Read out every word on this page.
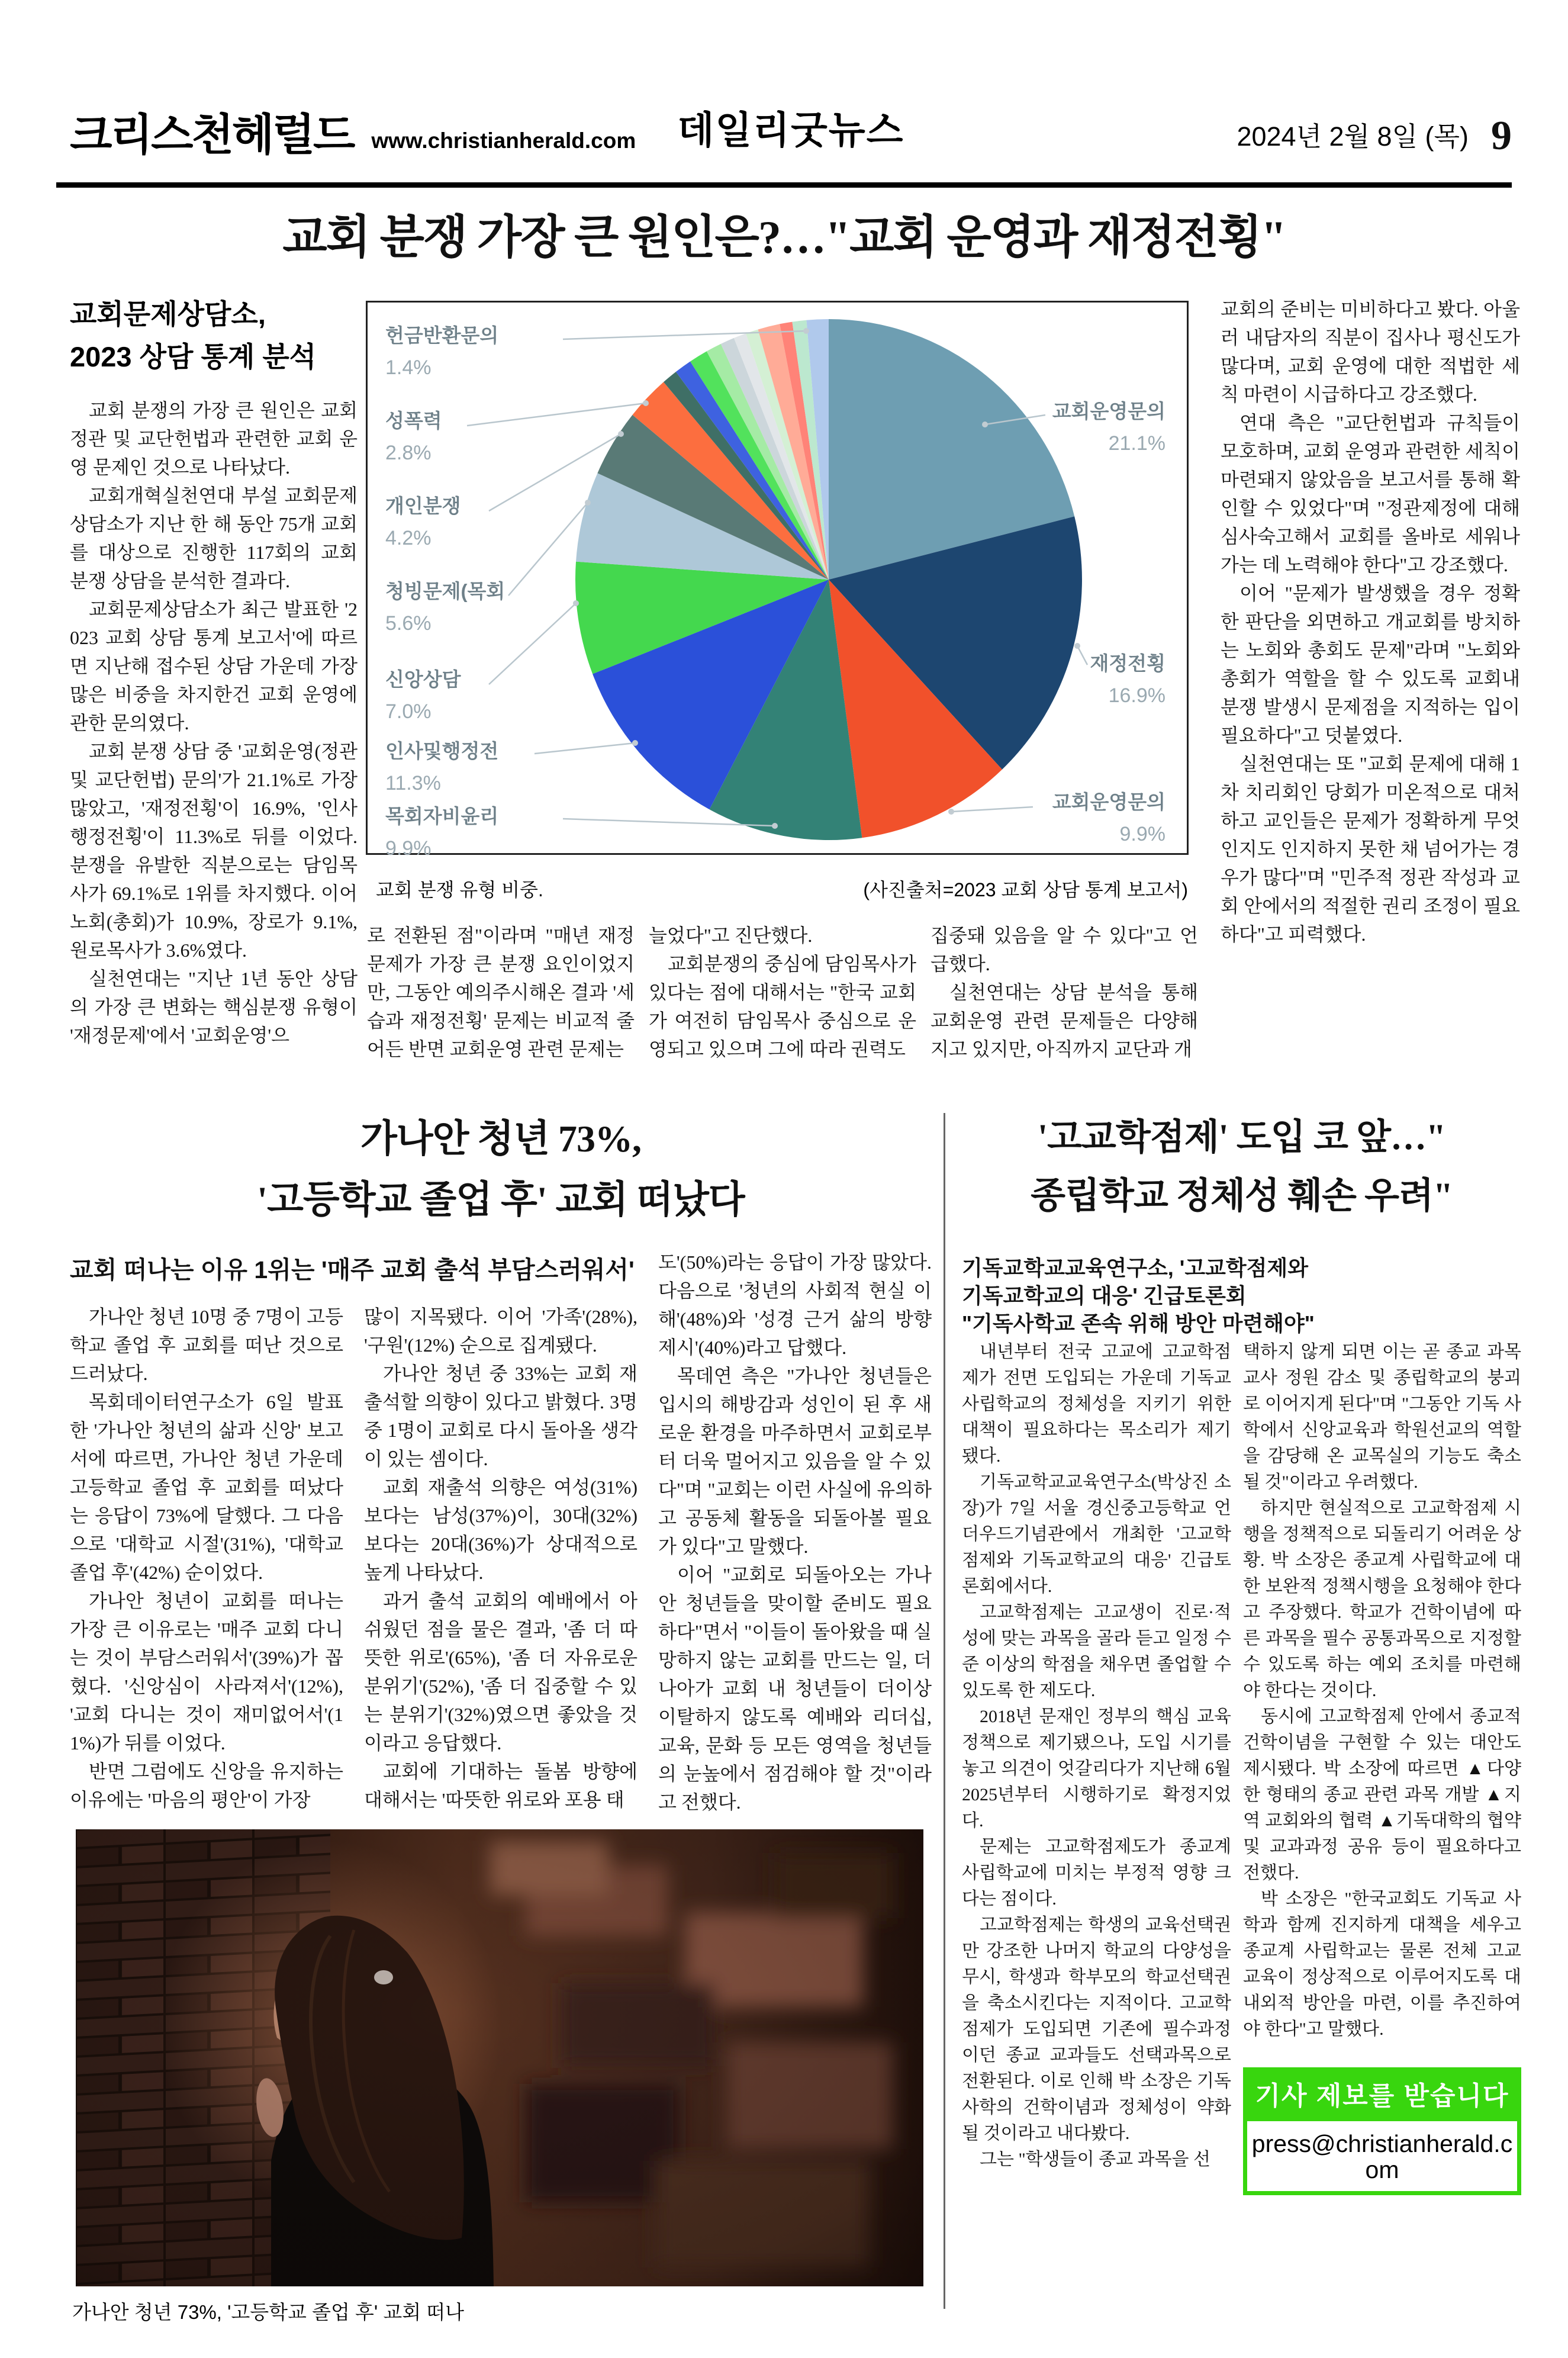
크리스천헤럴드 www.christianherald.com 데일리굿뉴스	2024년 2월 8일 (목) 9
교회 분쟁 가장 큰 원인은?…"교회 운영과 재정전횡"
교회문제상담소,
2023 상담 통계 분석

교회 분쟁의 가장 큰 원인은 교회정관 및 교단헌법과 관련한 교회 운영 문제인 것으로 나타났다.

교회개혁실천연대 부설 교회문제상담소가 지난 한 해 동안 75개 교회를 대상으로 진행한 117회의 교회 분쟁 상담을 분석한 결과다.

교회문제상담소가 최근 발표한 '2023 교회 상담 통계 보고서'에 따르면 지난해 접수된 상담 가운데 가장 많은 비중을 차지한건 교회 운영에 관한 문의였다.

교회 분쟁 상담 중 '교회운영(정관 및 교단헌법) 문의'가 21.1%로 가장 많았고, '재정전횡'이 16.9%, '인사 행정전횡'이 11.3%로 뒤를 이었다. 분쟁을 유발한 직분으로는 담임목사가 69.1%로 1위를 차지했다. 이어 노회(총회)가 10.9%, 장로가 9.1%, 원로목사가 3.6%였다.

실천연대는 "지난 1년 동안 상담의 가장 큰 변화는 핵심분쟁 유형이 '재정문제'에서 '교회운영'으

헌금반환문의
1.4%
성폭력
2.8%
개인분쟁
4.2%
청빙문제(목회
5.6%
신앙상담
7.0%
인사및행정전
11.3%
목회자비윤리
9.9%
교회운영문의
21.1%
재정전횡
16.9%
교회운영문의
9.9%
교회 분쟁 유형 비중.	(사진출처=2023 교회 상담 통계 보고서)

로 전환된 점"이라며 "매년 재정 문제가 가장 큰 분쟁 요인이었지만, 그동안 예의주시해온 결과 '세습과 재정전횡' 문제는 비교적 줄어든 반면 교회운영 관련 문제는

늘었다"고 진단했다.

교회분쟁의 중심에 담임목사가 있다는 점에 대해서는 "한국 교회가 여전히 담임목사 중심으로 운영되고 있으며 그에 따라 권력도

집중돼 있음을 알 수 있다"고 언급했다.

실천연대는 상담 분석을 통해 교회운영 관련 문제들은 다양해지고 있지만, 아직까지 교단과 개

교회의 준비는 미비하다고 봤다. 아울러 내담자의 직분이 집사나 평신도가 많다며, 교회 운영에 대한 적법한 세칙 마련이 시급하다고 강조했다.

연대 측은 "교단헌법과 규칙들이 모호하며, 교회 운영과 관련한 세칙이 마련돼지 않았음을 보고서를 통해 확인할 수 있었다"며 "정관제정에 대해 심사숙고해서 교회를 올바로 세워나가는 데 노력해야 한다"고 강조했다.

이어 "문제가 발생했을 경우 정확한 판단을 외면하고 개교회를 방치하는 노회와 총회도 문제"라며 "노회와 총회가 역할을 할 수 있도록 교회내 분쟁 발생시 문제점을 지적하는 입이 필요하다"고 덧붙였다.

실천연대는 또 "교회 문제에 대해 1차 치리회인 당회가 미온적으로 대처하고 교인들은 문제가 정확하게 무엇인지도 인지하지 못한 채 넘어가는 경우가 많다"며 "민주적 정관 작성과 교회 안에서의 적절한 권리 조정이 필요하다"고 피력했다.

가나안 청년 73%,
'고등학교 졸업 후' 교회 떠났다
교회 떠나는 이유 1위는 '매주 교회 출석 부담스러워서'

가나안 청년 10명 중 7명이 고등학교 졸업 후 교회를 떠난 것으로 드러났다.

목회데이터연구소가 6일 발표한 '가나안 청년의 삶과 신앙' 보고서에 따르면, 가나안 청년 가운데 고등학교 졸업 후 교회를 떠났다는 응답이 73%에 달했다. 그 다음으로 '대학교 시절'(31%), '대학교 졸업 후'(42%) 순이었다.

가나안 청년이 교회를 떠나는 가장 큰 이유로는 '매주 교회 다니는 것이 부담스러워서'(39%)가 꼽혔다. '신앙심이 사라져서'(12%), '교회 다니는 것이 재미없어서'(11%)가 뒤를 이었다.

반면 그럼에도 신앙을 유지하는 이유에는 '마음의 평안'이 가장

많이 지목됐다. 이어 '가족'(28%), '구원'(12%) 순으로 집계됐다.

가나안 청년 중 33%는 교회 재출석할 의향이 있다고 밝혔다. 3명 중 1명이 교회로 다시 돌아올 생각이 있는 셈이다.

교회 재출석 의향은 여성(31%)보다는 남성(37%)이, 30대(32%)보다는 20대(36%)가 상대적으로 높게 나타났다.

과거 출석 교회의 예배에서 아쉬웠던 점을 물은 결과, '좀 더 따뜻한 위로'(65%), '좀 더 자유로운 분위기'(52%), '좀 더 집중할 수 있는 분위기'(32%)였으면 좋았을 것이라고 응답했다.

교회에 기대하는 돌봄 방향에 대해서는 '따뜻한 위로와 포용 태

도'(50%)라는 응답이 가장 많았다. 다음으로 '청년의 사회적 현실 이해'(48%)와 '성경 근거 삶의 방향 제시'(40%)라고 답했다.

목데연 측은 "가나안 청년들은 입시의 해방감과 성인이 된 후 새로운 환경을 마주하면서 교회로부터 더욱 멀어지고 있음을 알 수 있다"며 "교회는 이런 사실에 유의하고 공동체 활동을 되돌아볼 필요가 있다"고 말했다.

이어 "교회로 되돌아오는 가나안 청년들을 맞이할 준비도 필요하다"면서 "이들이 돌아왔을 때 실망하지 않는 교회를 만드는 일, 더 나아가 교회 내 청년들이 더이상 이탈하지 않도록 예배와 리더십, 교육, 문화 등 모든 영역을 청년들의 눈높에서 점검해야 할 것"이라고 전했다.

가나안 청년 73%, '고등학교 졸업 후' 교회 떠나
'고교학점제' 도입 코 앞…"
종립학교 정체성 훼손 우려"
기독교학교교육연구소, '고교학점제와
기독교학교의 대응' 긴급토론회
"기독사학교 존속 위해 방안 마련해야"

내년부터 전국 고교에 고교학점제가 전면 도입되는 가운데 기독교 사립학교의 정체성을 지키기 위한 대책이 필요하다는 목소리가 제기됐다.

기독교학교교육연구소(박상진 소장)가 7일 서울 경신중고등학교 언더우드기념관에서 개최한 '고교학점제와 기독교학교의 대응' 긴급토론회에서다.

고교학점제는 고교생이 진로·적성에 맞는 과목을 골라 듣고 일정 수준 이상의 학점을 채우면 졸업할 수 있도록 한 제도다.

2018년 문재인 정부의 핵심 교육 정책으로 제기됐으나, 도입 시기를 놓고 의견이 엇갈리다가 지난해 6월 2025년부터 시행하기로 확정지었다.

문제는 고교학점제도가 종교계 사립학교에 미치는 부정적 영향 크다는 점이다.

고교학점제는 학생의 교육선택권만 강조한 나머지 학교의 다양성을 무시, 학생과 학부모의 학교선택권을 축소시킨다는 지적이다. 고교학점제가 도입되면 기존에 필수과정이던 종교 교과들도 선택과목으로 전환된다. 이로 인해 박 소장은 기독사학의 건학이념과 정체성이 약화될 것이라고 내다봤다.

그는 "학생들이 종교 과목을 선

택하지 않게 되면 이는 곧 종교 과목 교사 정원 감소 및 종립학교의 붕괴로 이어지게 된다"며 "그동안 기독 사학에서 신앙교육과 학원선교의 역할을 감당해 온 교목실의 기능도 축소될 것"이라고 우려했다.

하지만 현실적으로 고교학점제 시행을 정책적으로 되돌리기 어려운 상황. 박 소장은 종교계 사립학교에 대한 보완적 정책시행을 요청해야 한다고 주장했다. 학교가 건학이념에 따른 과목을 필수 공통과목으로 지정할 수 있도록 하는 예외 조치를 마련해야 한다는 것이다.

동시에 고교학점제 안에서 종교적 건학이념을 구현할 수 있는 대안도 제시됐다. 박 소장에 따르면 ▲다양한 형태의 종교 관련 과목 개발 ▲지역 교회와의 협력 ▲기독대학의 협약 및 교과과정 공유 등이 필요하다고 전했다.

박 소장은 "한국교회도 기독교 사학과 함께 진지하게 대책을 세우고 종교계 사립학교는 물론 전체 고교 교육이 정상적으로 이루어지도록 대내외적 방안을 마련, 이를 추진하여야 한다"고 말했다.

기사 제보를 받습니다
press@christianherald.com
